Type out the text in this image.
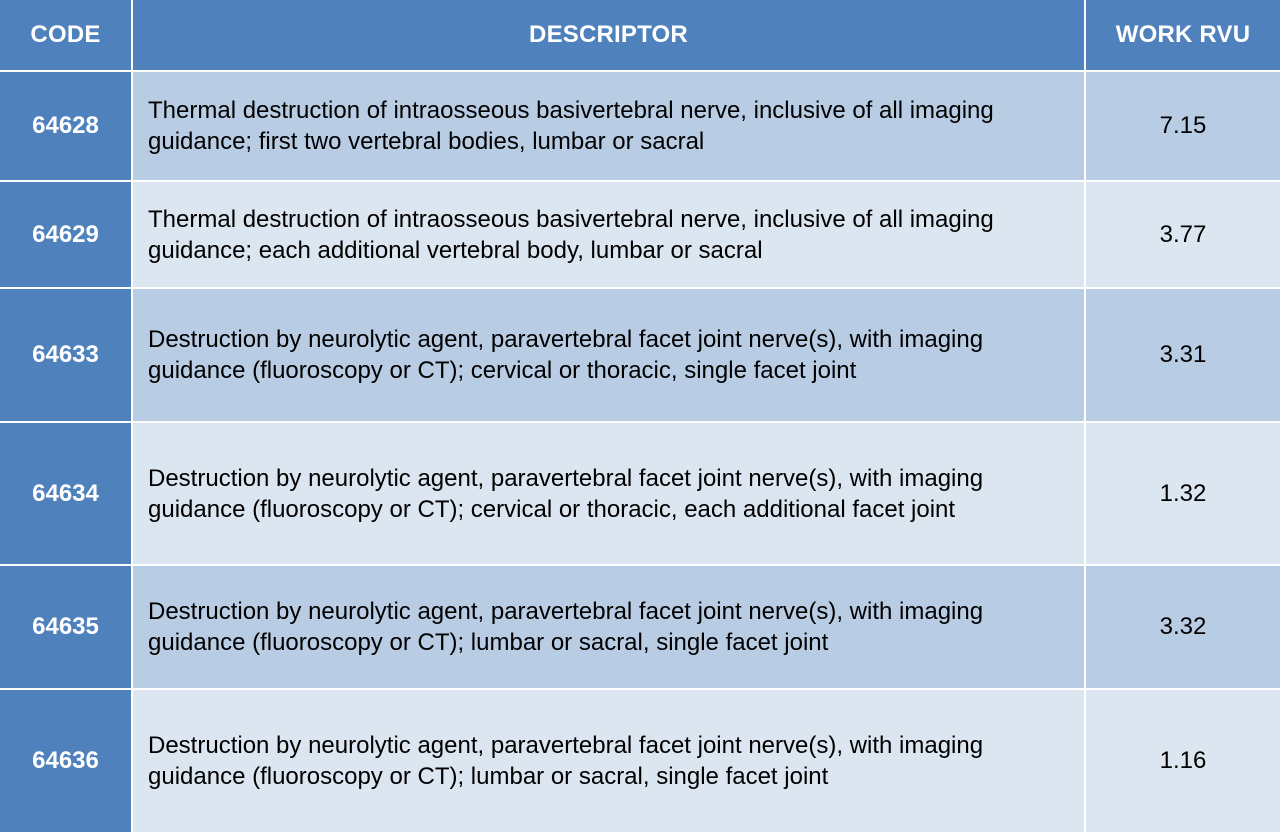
CODE	DESCRIPTOR	WORK RVU
64628
Thermal destruction of intraosseous basivertebral nerve, inclusive of all imaging guidance; first two vertebral bodies, lumbar or sacral
7.15
64629
Thermal destruction of intraosseous basivertebral nerve, inclusive of all imaging guidance; each additional vertebral body, lumbar or sacral
3.77
64633
Destruction by neurolytic agent, paravertebral facet joint nerve(s), with imaging guidance (fluoroscopy or CT); cervical or thoracic, single facet joint
3.31
64634
Destruction by neurolytic agent, paravertebral facet joint nerve(s), with imaging guidance (fluoroscopy or CT); cervical or thoracic, each additional facet joint
1.32
64635
Destruction by neurolytic agent, paravertebral facet joint nerve(s), with imaging guidance (fluoroscopy or CT); lumbar or sacral, single facet joint
3.32
64636
Destruction by neurolytic agent, paravertebral facet joint nerve(s), with imaging guidance (fluoroscopy or CT); lumbar or sacral, single facet joint
1.16
